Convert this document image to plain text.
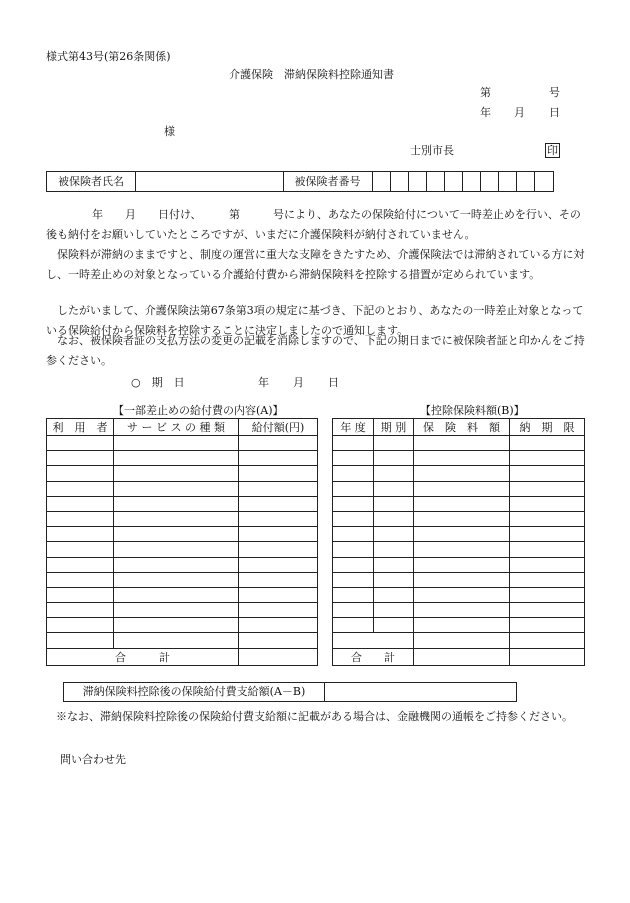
様式第43号(第26条関係)
介護保険　滞納保険料控除通知書
第	号
年 月 日
様
士別市長	印
被保険者氏名	被保険者番号
年　　月　　日付け、　　　第　　　号により、あなたの保険給付について一時差止めを行い、その後も納付をお願いしていたところですが、いまだに介護保険料が納付されていません。
保険料が滞納のままですと、制度の運営に重大な支障をきたすため、介護保険法では滞納されている方に対し、一時差止めの対象となっている介護給付費から滞納保険料を控除する措置が定められています。
したがいまして、介護保険法第67条第3項の規定に基づき、下記のとおり、あなたの一時差止対象となっている保険給付から保険料を控除することに決定しましたので通知します。
なお、被保険者証の支払方法の変更の記載を消除しますので、下記の期日までに被保険者証と印かんをご持参ください。
○　期　日	年 月 日
【一部差止めの給付費の内容(A)】
利　用　者	サ ー ビ ス の 種 類	給付額(円)

合　　　計		
【控除保険料額(B)】
年 度	期 別	保　険　料　額	納　期　限

合　　計			
滞納保険料控除後の保険給付費支給額(A－B)
※なお、滞納保険料控除後の保険給付費支給額に記載がある場合は、金融機関の通帳をご持参ください。
問い合わせ先
